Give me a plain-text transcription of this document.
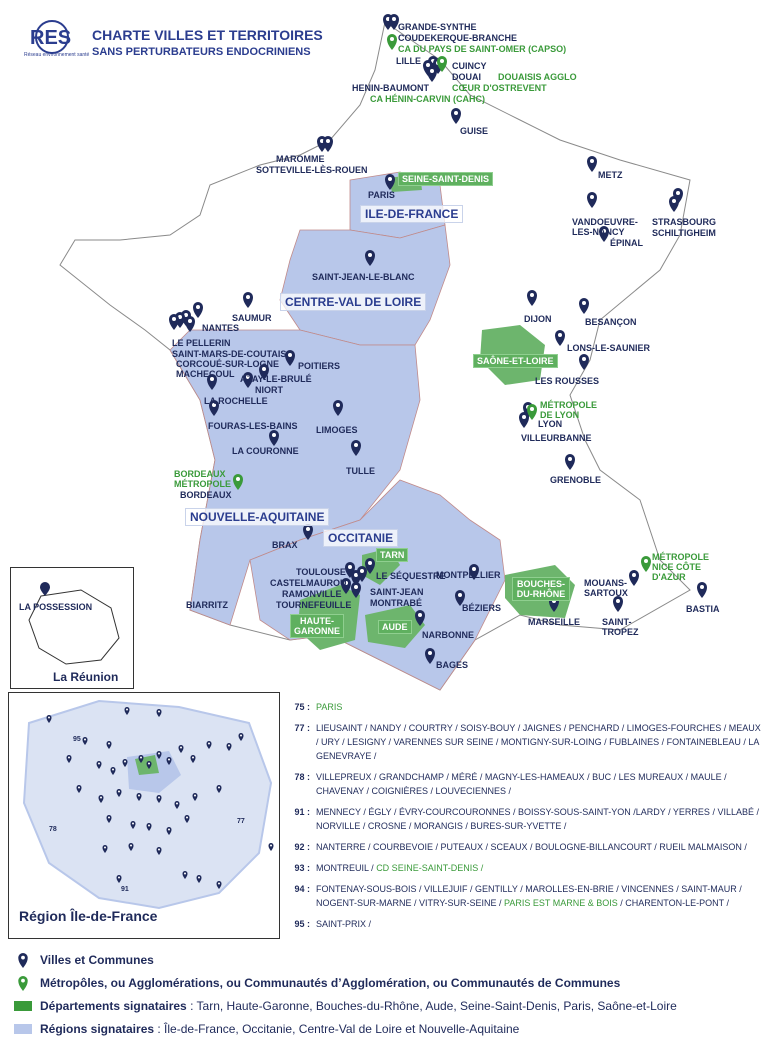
RES
Réseau environnement santé
CHARTE VILLES ET TERRITOIRES
SANS PERTURBATEURS ENDOCRINIENS
ILE-DE-FRANCE
CENTRE-VAL DE LOIRE
NOUVELLE-AQUITAINE
OCCITANIE
SEINE-SAINT-DENIS
SAÔNE-ET-LOIRE
TARN
HAUTE-GARONNE	AUDE
BOUCHES-DU-RHÔNE
GRANDE-SYNTHE
COUDEKERQUE-BRANCHE
LILLE	CUINCY
DOUAI
HENIN-BAUMONT
GUISE
MAROMME
SOTTEVILLE-LÈS-ROUEN
PARIS
METZ
STRASBOURG
SCHILTIGHEIM
VANDOEUVRE-LES-NANCY
ÉPINAL
SAINT-JEAN-LE-BLANC
SAUMUR
NANTES
LE PELLERIN
SAINT-MARS-DE-COUTAIS
CORCOUÉ-SUR-LOGNE
MACHECOUL
POITIERS
AZAY-LE-BRULÉ
NIORT
LA ROCHELLE
FOURAS-LES-BAINS LIMOGES
LA COURONNE
TULLE
BORDEAUX
BRAX
BIARRITZ
DIJON	BESANÇON
LONS-LE-SAUNIER
LES ROUSSES
LYON
VILLEURBANNE
GRENOBLE
TOULOUSE
CASTELMAUROU
RAMONVILLE
TOURNEFEUILLE
LE SÉQUESTRE
SAINT-JEAN
MONTRABÉ
MONTPELLIER
BÉZIERS
NARBONNE
BAGES
MARSEILLE
MOUANS-SARTOUX
SAINT-TROPEZ
BASTIA
CA DU PAYS DE SAINT-OMER (CAPSO)
DOUAISIS AGGLO
CŒUR D'OSTREVENT
CA HÉNIN-CARVIN (CAHC)
BORDEAUX MÉTROPOLE
MÉTROPOLE DE LYON
MÉTROPOLE NICE CÔTE D'AZUR
LA POSSESSION
La Réunion
95
78
77
91
Région Île-de-France
75 : PARIS
77 : LIEUSAINT / NANDY / COURTRY / SOISY-BOUY / JAIGNES / PENCHARD / LIMOGES-FOURCHES / MEAUX / URY / LESIGNY / VARENNES SUR SEINE / MONTIGNY-SUR-LOING / FUBLAINES / FONTAINEBLEAU / LA GENEVRAYE /
78 : VILLEPREUX / GRANDCHAMP / MÉRÉ / MAGNY-LES-HAMEAUX / BUC / LES MUREAUX / MAULE / CHAVENAY / COIGNIÈRES / LOUVECIENNES /
91 : MENNECY / ÉGLY / ÉVRY-COURCOURONNES / BOISSY-SOUS-SAINT-YON /LARDY / YERRES / VILLABÉ / NORVILLE / CROSNE / MORANGIS / BURES-SUR-YVETTE /
92 : NANTERRE / COURBEVOIE / PUTEAUX / SCEAUX / BOULOGNE-BILLANCOURT / RUEIL MALMAISON /
93 : MONTREUIL / CD SEINE-SAINT-DENIS /
94 : FONTENAY-SOUS-BOIS / VILLEJUIF / GENTILLY / MAROLLES-EN-BRIE / VINCENNES / SAINT-MAUR / NOGENT-SUR-MARNE / VITRY-SUR-SEINE / PARIS EST MARNE & BOIS / CHARENTON-LE-PONT /
95 : SAINT-PRIX /
Villes et Communes
Métropôles, ou Agglomérations, ou Communautés d’Agglomération, ou Communautés de Communes
Départements signataires
: Tarn, Haute-Garonne, Bouches-du-Rhône, Aude, Seine-Saint-Denis, Paris, Saône-et-Loire
Régions signataires
: Île-de-France, Occitanie, Centre-Val de Loire et Nouvelle-Aquitaine
